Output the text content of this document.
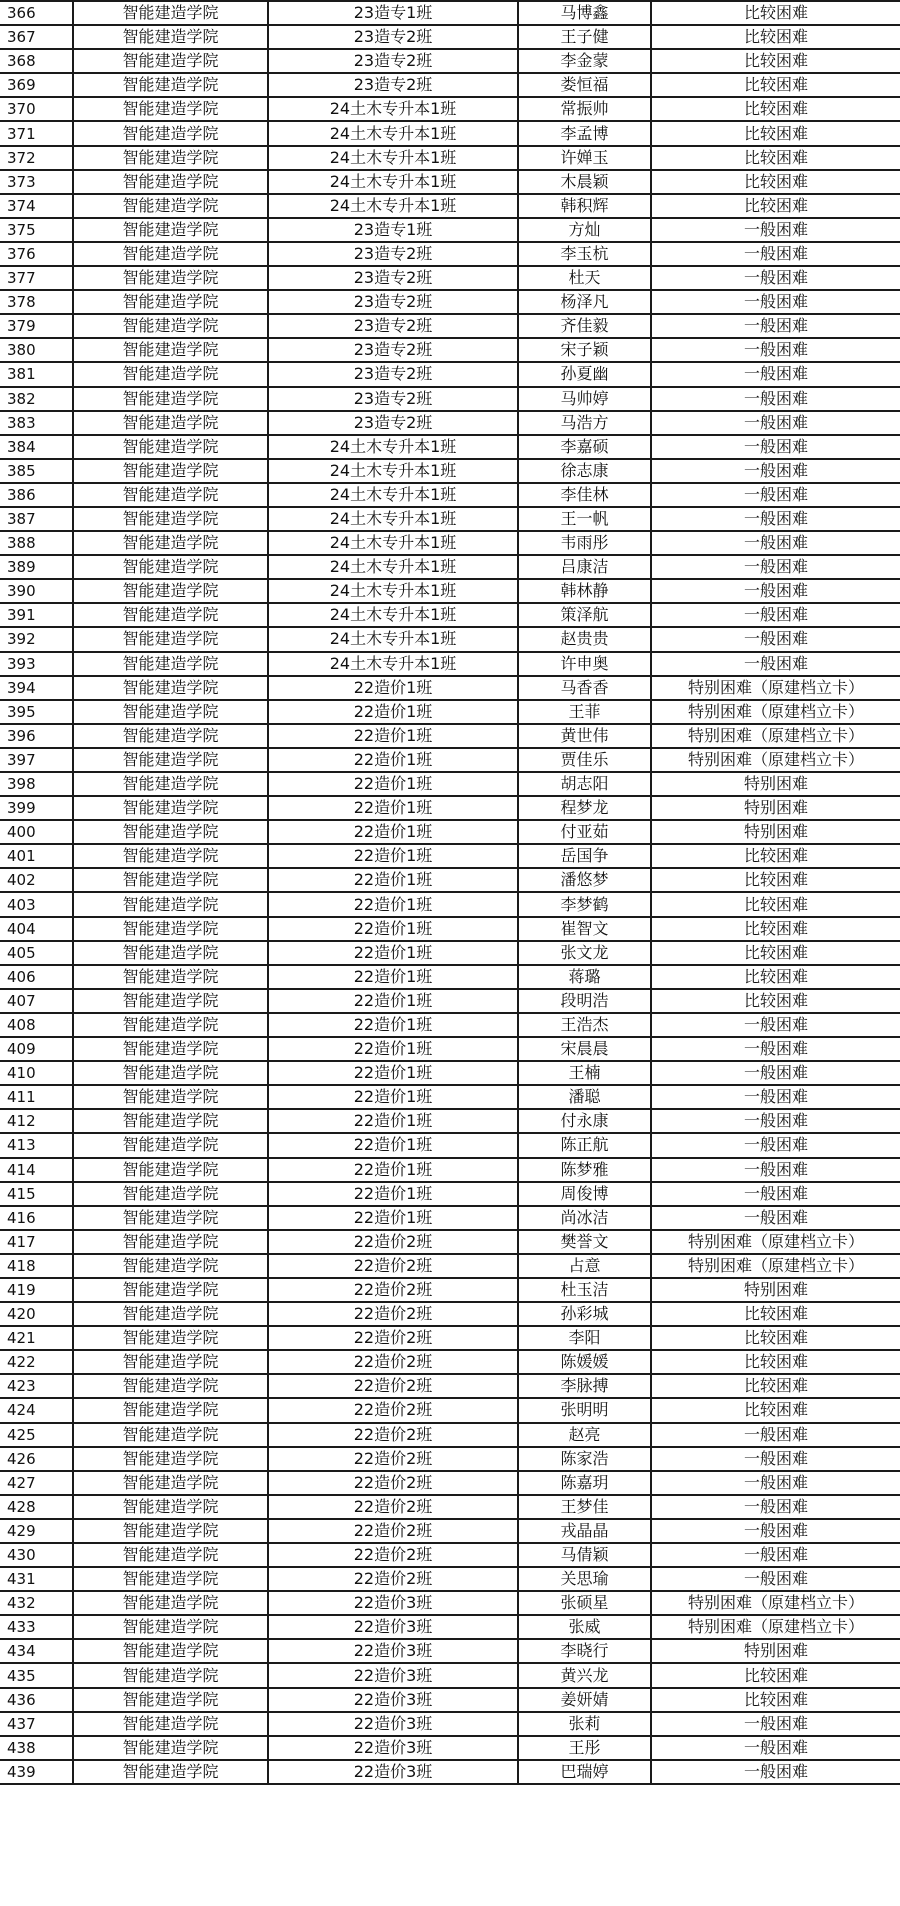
366	智能建造学院	23造专1班	马博鑫	比较困难
367	智能建造学院	23造专2班	王子健	比较困难
368	智能建造学院	23造专2班	李金蒙	比较困难
369	智能建造学院	23造专2班	娄恒福	比较困难
370	智能建造学院	24土木专升本1班	常振帅	比较困难
371	智能建造学院	24土木专升本1班	李孟博	比较困难
372	智能建造学院	24土木专升本1班	许婵玉	比较困难
373	智能建造学院	24土木专升本1班	木晨颖	比较困难
374	智能建造学院	24土木专升本1班	韩积辉	比较困难
375	智能建造学院	23造专1班	方灿	一般困难
376	智能建造学院	23造专2班	李玉杭	一般困难
377	智能建造学院	23造专2班	杜天	一般困难
378	智能建造学院	23造专2班	杨泽凡	一般困难
379	智能建造学院	23造专2班	齐佳毅	一般困难
380	智能建造学院	23造专2班	宋子颖	一般困难
381	智能建造学院	23造专2班	孙夏幽	一般困难
382	智能建造学院	23造专2班	马帅婷	一般困难
383	智能建造学院	23造专2班	马浩方	一般困难
384	智能建造学院	24土木专升本1班	李嘉硕	一般困难
385	智能建造学院	24土木专升本1班	徐志康	一般困难
386	智能建造学院	24土木专升本1班	李佳林	一般困难
387	智能建造学院	24土木专升本1班	王一帆	一般困难
388	智能建造学院	24土木专升本1班	韦雨彤	一般困难
389	智能建造学院	24土木专升本1班	吕康洁	一般困难
390	智能建造学院	24土木专升本1班	韩林静	一般困难
391	智能建造学院	24土木专升本1班	策泽航	一般困难
392	智能建造学院	24土木专升本1班	赵贵贵	一般困难
393	智能建造学院	24土木专升本1班	许申奥	一般困难
394	智能建造学院	22造价1班	马香香	特别困难（原建档立卡）
395	智能建造学院	22造价1班	王菲	特别困难（原建档立卡）
396	智能建造学院	22造价1班	黄世伟	特别困难（原建档立卡）
397	智能建造学院	22造价1班	贾佳乐	特别困难（原建档立卡）
398	智能建造学院	22造价1班	胡志阳	特别困难
399	智能建造学院	22造价1班	程梦龙	特别困难
400	智能建造学院	22造价1班	付亚茹	特别困难
401	智能建造学院	22造价1班	岳国争	比较困难
402	智能建造学院	22造价1班	潘悠梦	比较困难
403	智能建造学院	22造价1班	李梦鹤	比较困难
404	智能建造学院	22造价1班	崔智文	比较困难
405	智能建造学院	22造价1班	张文龙	比较困难
406	智能建造学院	22造价1班	蒋璐	比较困难
407	智能建造学院	22造价1班	段明浩	比较困难
408	智能建造学院	22造价1班	王浩杰	一般困难
409	智能建造学院	22造价1班	宋晨晨	一般困难
410	智能建造学院	22造价1班	王楠	一般困难
411	智能建造学院	22造价1班	潘聪	一般困难
412	智能建造学院	22造价1班	付永康	一般困难
413	智能建造学院	22造价1班	陈正航	一般困难
414	智能建造学院	22造价1班	陈梦雅	一般困难
415	智能建造学院	22造价1班	周俊博	一般困难
416	智能建造学院	22造价1班	尚冰洁	一般困难
417	智能建造学院	22造价2班	樊誉文	特别困难（原建档立卡）
418	智能建造学院	22造价2班	占意	特别困难（原建档立卡）
419	智能建造学院	22造价2班	杜玉洁	特别困难
420	智能建造学院	22造价2班	孙彩城	比较困难
421	智能建造学院	22造价2班	李阳	比较困难
422	智能建造学院	22造价2班	陈媛媛	比较困难
423	智能建造学院	22造价2班	李脉搏	比较困难
424	智能建造学院	22造价2班	张明明	比较困难
425	智能建造学院	22造价2班	赵亮	一般困难
426	智能建造学院	22造价2班	陈家浩	一般困难
427	智能建造学院	22造价2班	陈嘉玥	一般困难
428	智能建造学院	22造价2班	王梦佳	一般困难
429	智能建造学院	22造价2班	戎晶晶	一般困难
430	智能建造学院	22造价2班	马倩颖	一般困难
431	智能建造学院	22造价2班	关思瑜	一般困难
432	智能建造学院	22造价3班	张硕星	特别困难（原建档立卡）
433	智能建造学院	22造价3班	张威	特别困难（原建档立卡）
434	智能建造学院	22造价3班	李晓行	特别困难
435	智能建造学院	22造价3班	黄兴龙	比较困难
436	智能建造学院	22造价3班	姜妍婧	比较困难
437	智能建造学院	22造价3班	张莉	一般困难
438	智能建造学院	22造价3班	王彤	一般困难
439	智能建造学院	22造价3班	巴瑞婷	一般困难
